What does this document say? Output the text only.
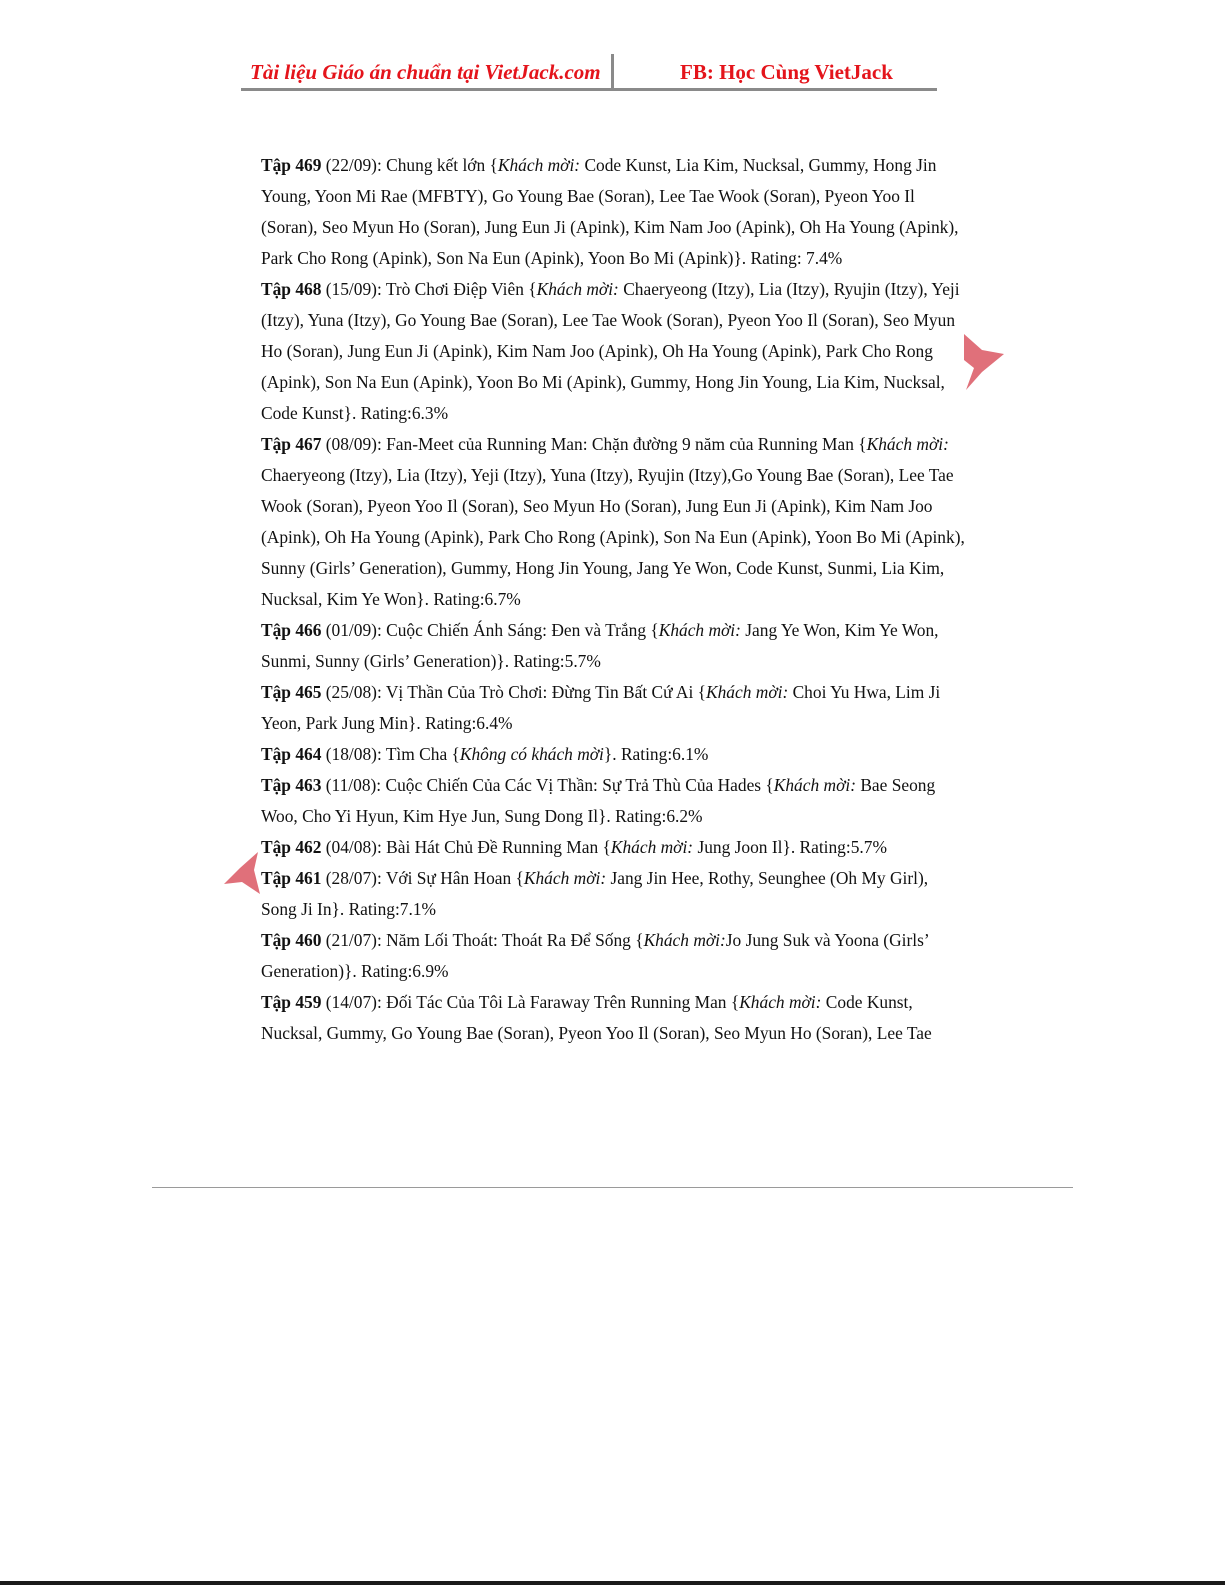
Tài liệu Giáo án chuẩn tại VietJack.com	FB: Học Cùng VietJack

Tập 469 (22/09): Chung kết lớn {Khách mời: Code Kunst, Lia Kim, Nucksal, Gummy, Hong Jin Young, Yoon Mi Rae (MFBTY), Go Young Bae (Soran), Lee Tae Wook (Soran), Pyeon Yoo Il (Soran), Seo Myun Ho (Soran), Jung Eun Ji (Apink), Kim Nam Joo (Apink), Oh Ha Young (Apink), Park Cho Rong (Apink), Son Na Eun (Apink), Yoon Bo Mi (Apink)}. Rating: 7.4%

Tập 468 (15/09): Trò Chơi Điệp Viên {Khách mời: Chaeryeong (Itzy), Lia (Itzy), Ryujin (Itzy), Yeji (Itzy), Yuna (Itzy), Go Young Bae (Soran), Lee Tae Wook (Soran), Pyeon Yoo Il (Soran), Seo Myun Ho (Soran), Jung Eun Ji (Apink), Kim Nam Joo (Apink), Oh Ha Young (Apink), Park Cho Rong (Apink), Son Na Eun (Apink), Yoon Bo Mi (Apink), Gummy, Hong Jin Young, Lia Kim, Nucksal, Code Kunst}. Rating:6.3%

Tập 467 (08/09): Fan-Meet của Running Man: Chặn đường 9 năm của Running Man {Khách mời: Chaeryeong (Itzy), Lia (Itzy), Yeji (Itzy), Yuna (Itzy), Ryujin (Itzy),Go Young Bae (Soran), Lee Tae Wook (Soran), Pyeon Yoo Il (Soran), Seo Myun Ho (Soran), Jung Eun Ji (Apink), Kim Nam Joo (Apink), Oh Ha Young (Apink), Park Cho Rong (Apink), Son Na Eun (Apink), Yoon Bo Mi (Apink), Sunny (Girls’ Generation), Gummy, Hong Jin Young, Jang Ye Won, Code Kunst, Sunmi, Lia Kim, Nucksal, Kim Ye Won}. Rating:6.7%

Tập 466 (01/09): Cuộc Chiến Ánh Sáng: Đen và Trắng {Khách mời: Jang Ye Won, Kim Ye Won, Sunmi, Sunny (Girls’ Generation)}. Rating:5.7%

Tập 465 (25/08): Vị Thần Của Trò Chơi: Đừng Tin Bất Cứ Ai {Khách mời: Choi Yu Hwa, Lim Ji Yeon, Park Jung Min}. Rating:6.4%

Tập 464 (18/08): Tìm Cha {Không có khách mời}. Rating:6.1%

Tập 463 (11/08): Cuộc Chiến Của Các Vị Thần: Sự Trả Thù Của Hades {Khách mời: Bae Seong Woo, Cho Yi Hyun, Kim Hye Jun, Sung Dong Il}. Rating:6.2%

Tập 462 (04/08): Bài Hát Chủ Đề Running Man {Khách mời: Jung Joon Il}. Rating:5.7%

Tập 461 (28/07): Với Sự Hân Hoan {Khách mời: Jang Jin Hee, Rothy, Seunghee (Oh My Girl), Song Ji In}. Rating:7.1%

Tập 460 (21/07): Năm Lối Thoát: Thoát Ra Để Sống {Khách mời:Jo Jung Suk và Yoona (Girls’ Generation)}. Rating:6.9%

Tập 459 (14/07): Đối Tác Của Tôi Là Faraway Trên Running Man {Khách mời: Code Kunst, Nucksal, Gummy, Go Young Bae (Soran), Pyeon Yoo Il (Soran), Seo Myun Ho (Soran), Lee Tae
